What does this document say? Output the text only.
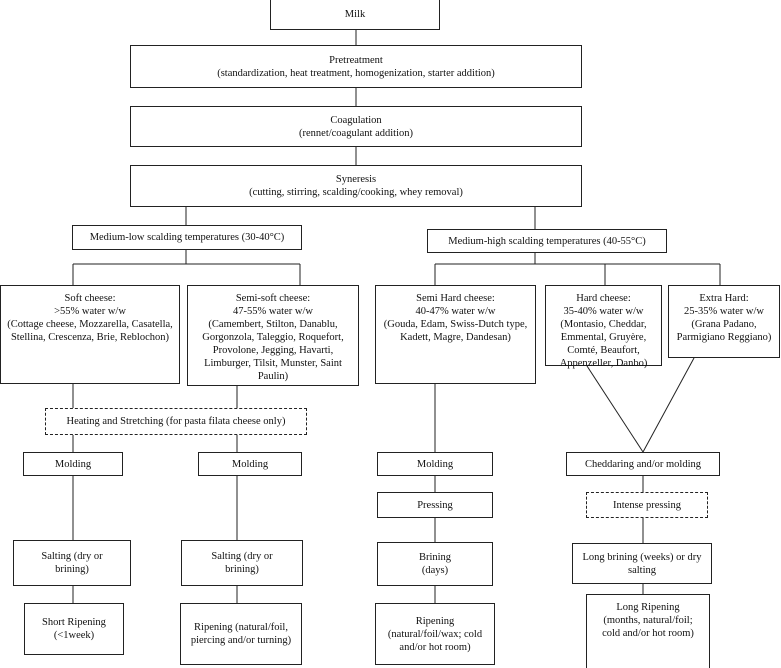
Milk
Pretreatment
(standardization, heat treatment, homogenization, starter addition)
Coagulation
(rennet/coagulant addition)
Syneresis
(cutting, stirring, scalding/cooking, whey removal)
Medium-low scalding temperatures (30-40°C)	Medium-high scalding temperatures (40-55°C)
Soft cheese:
>55% water w/w
(Cottage cheese, Mozzarella, Casatella, Stellina, Crescenza, Brie, Reblochon)
Semi-soft cheese:
47-55% water w/w
(Camembert, Stilton, Danablu, Gorgonzola, Taleggio, Roquefort, Provolone, Jegging, Havarti, Limburger, Tilsit, Munster, Saint Paulin)
Semi Hard cheese:
40-47% water w/w
(Gouda, Edam, Swiss-Dutch type, Kadett, Magre, Dandesan)
Hard cheese:
35-40% water w/w
(Montasio, Cheddar, Emmental, Gruyère, Comté, Beaufort, Appenzeller, Danbo)
Extra Hard:
25-35% water w/w
(Grana Padano, Parmigiano Reggiano)
Heating and Stretching (for pasta filata cheese only)
Molding	Molding	Molding	Cheddaring and/or molding
Pressing	Intense pressing
Salting (dry or brining)
Salting (dry or brining)
Brining
(days)
Long brining (weeks) or dry salting
Short Ripening (<1week)
Ripening (natural/foil, piercing and/or turning)
Ripening (natural/foil/wax; cold and/or hot room)
Long Ripening
(months, natural/foil; cold and/or hot room)
